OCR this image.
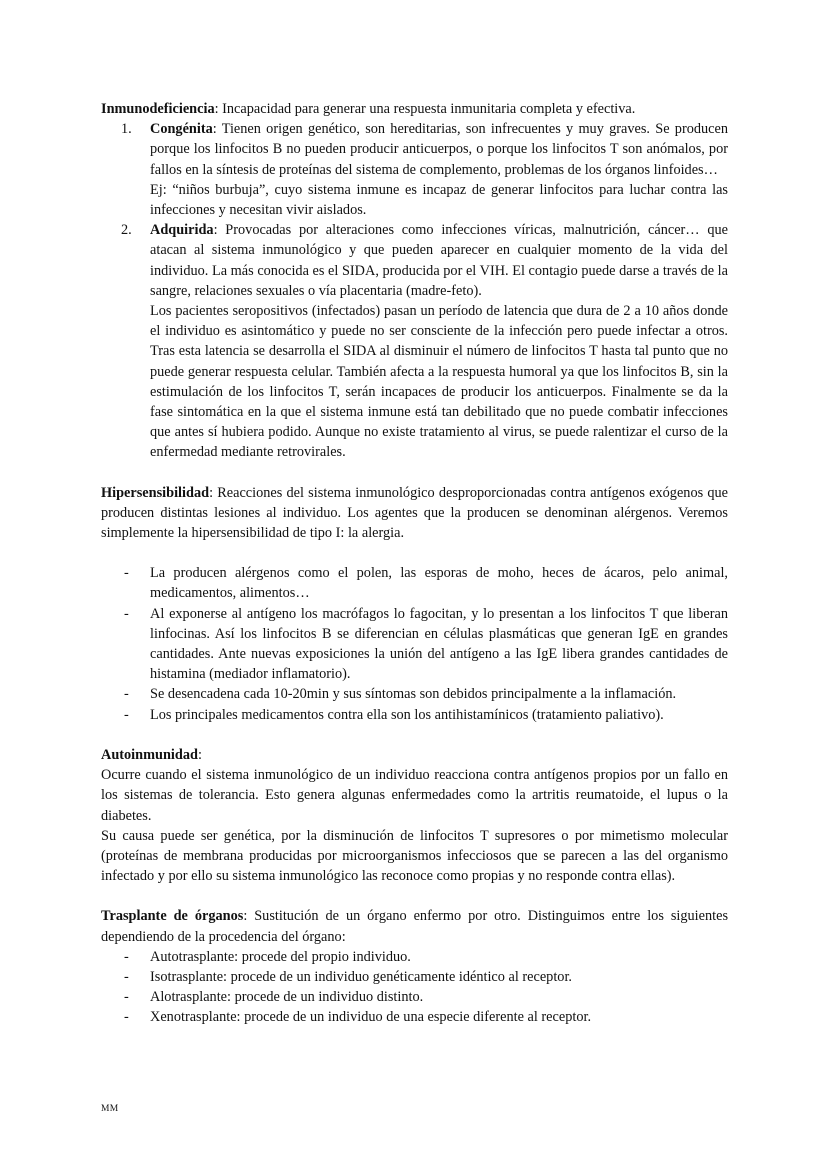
Inmunodeficiencia: Incapacidad para generar una respuesta inmunitaria completa y efectiva.

1. Congénita: Tienen origen genético, son hereditarias, son infrecuentes y muy graves. Se producen porque los linfocitos B no pueden producir anticuerpos, o porque los linfocitos T son anómalos, por fallos en la síntesis de proteínas del sistema de complemento, problemas de los órganos linfoides…

Ej: “niños burbuja”, cuyo sistema inmune es incapaz de generar linfocitos para luchar contra las infecciones y necesitan vivir aislados.

2. Adquirida: Provocadas por alteraciones como infecciones víricas, malnutrición, cáncer… que atacan al sistema inmunológico y que pueden aparecer en cualquier momento de la vida del individuo. La más conocida es el SIDA, producida por el VIH. El contagio puede darse a través de la sangre, relaciones sexuales o vía placentaria (madre-feto).

Los pacientes seropositivos (infectados) pasan un período de latencia que dura de 2 a 10 años donde el individuo es asintomático y puede no ser consciente de la infección pero puede infectar a otros. Tras esta latencia se desarrolla el SIDA al disminuir el número de linfocitos T hasta tal punto que no puede generar respuesta celular. También afecta a la respuesta humoral ya que los linfocitos B, sin la estimulación de los linfocitos T, serán incapaces de producir los anticuerpos. Finalmente se da la fase sintomática en la que el sistema inmune está tan debilitado que no puede combatir infecciones que antes sí hubiera podido. Aunque no existe tratamiento al virus, se puede ralentizar el curso de la enfermedad mediante retrovirales.

Hipersensibilidad: Reacciones del sistema inmunológico desproporcionadas contra antígenos exógenos que producen distintas lesiones al individuo. Los agentes que la producen se denominan alérgenos. Veremos simplemente la hipersensibilidad de tipo I: la alergia.

- La producen alérgenos como el polen, las esporas de moho, heces de ácaros, pelo animal, medicamentos, alimentos…
- Al exponerse al antígeno los macrófagos lo fagocitan, y lo presentan a los linfocitos T que liberan linfocinas. Así los linfocitos B se diferencian en células plasmáticas que generan IgE en grandes cantidades. Ante nuevas exposiciones la unión del antígeno a las IgE libera grandes cantidades de histamina (mediador inflamatorio).
- Se desencadena cada 10-20min y sus síntomas son debidos principalmente a la inflamación.
- Los principales medicamentos contra ella son los antihistamínicos (tratamiento paliativo).

Autoinmunidad:

Ocurre cuando el sistema inmunológico de un individuo reacciona contra antígenos propios por un fallo en los sistemas de tolerancia. Esto genera algunas enfermedades como la artritis reumatoide, el lupus o la diabetes.

Su causa puede ser genética, por la disminución de linfocitos T supresores o por mimetismo molecular (proteínas de membrana producidas por microorganismos infecciosos que se parecen a las del organismo infectado y por ello su sistema inmunológico las reconoce como propias y no responde contra ellas).

Trasplante de órganos: Sustitución de un órgano enfermo por otro. Distinguimos entre los siguientes dependiendo de la procedencia del órgano:

- Autotrasplante: procede del propio individuo.
- Isotrasplante: procede de un individuo genéticamente idéntico al receptor.
- Alotrasplante: procede de un individuo distinto.
- Xenotrasplante: procede de un individuo de una especie diferente al receptor.
MM
